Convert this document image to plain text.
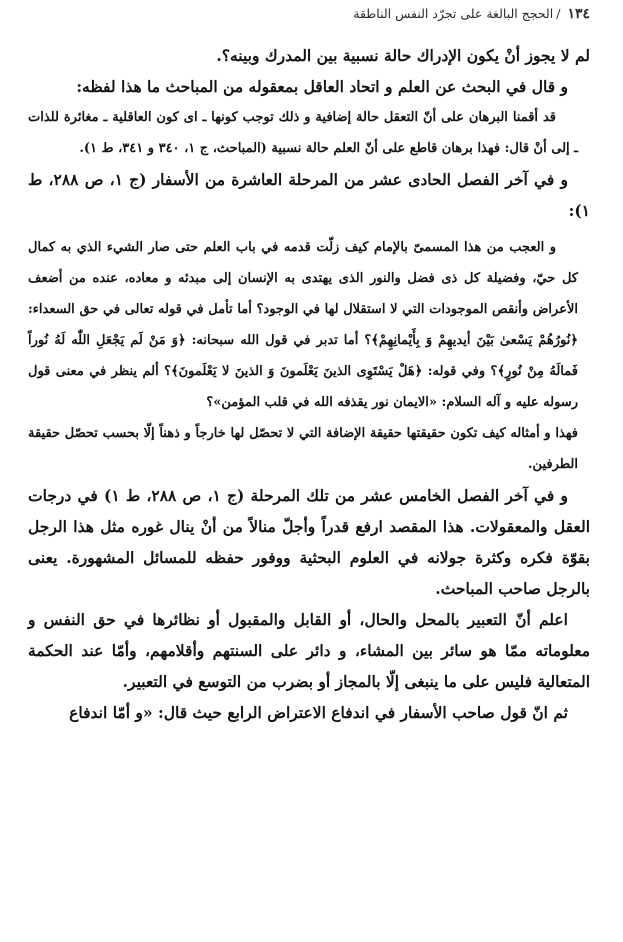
١٣٤
/
الحجج البالغة على تجرّد النفس الناطقة

لم لا يجوز أنْ يكون الإدراك حالة نسبية بين المدرك وبينه؟.

و قال في البحث عن العلم و اتحاد العاقل بمعقوله من المباحث ما هذا لفظه:

قد أقمنا البرهان على أنّ التعقل حالة إضافية و ذلك توجب كونها ـ اى كون العاقلية ـ مغائرة للذات ـ إلى أنْ قال: فهذا برهان قاطع على أنّ العلم حالة نسبية (المباحث، ج ١، ٣٤٠ و ٣٤١، ط ١).

و في آخر الفصل الحادى عشر من المرحلة العاشرة من الأسفار (ج ١، ص ٢٨٨، ط ١):

و العجب من هذا المسمىّ بالإمام كيف زلّت قدمه في باب العلم حتى صار الشيء الذي به كمال كل حيّ، وفضيلة كل ذى فضل والنور الذى يهتدى به الإنسان إلى مبدئه و معاده، عنده من أضعف الأعراض وأنقص الموجودات التي لا استقلال لها في الوجود؟ أما تأمل في قوله تعالى في حق السعداء: ﴿نُورُهُمْ يَسْعىٰ بَيْنَ أيديهِمْ وَ بِأَيْمانِهِمْ﴾؟ أما تدبر في قول الله سبحانه: ﴿وَ مَنْ لَم يَجْعَلِ اللّٰه لَهُ نُوراً فَمالَهُ مِنْ نُورٍ﴾؟ وفي قوله: ﴿هَلْ يَسْتَوِى الذينَ يَعْلَمونَ وَ الذينَ لا يَعْلَمونَ﴾؟ ألم ينظر في معنى قول رسوله عليه و آله السلام: «الايمان نور يقذفه الله في قلب المؤمن»؟

فهذا و أمثاله كيف تكون حقيقتها حقيقة الإضافة التي لا تحصّل لها خارجاً و ذهناً إلّا بحسب تحصّل حقيقة الطرفين.

و في آخر الفصل الخامس عشر من تلك المرحلة (ج ١، ص ٢٨٨، ط ١) في درجات العقل والمعقولات. هذا المقصد ارفع قدراً وأجلّ منالاً من أنْ ينال غوره مثل هذا الرجل بقوّة فكره وكثرة جولانه في العلوم البحثية ووفور حفظه للمسائل المشهورة. يعنى بالرجل صاحب المباحث.

اعلم أنّ التعبير بالمحل والحال، أو القابل والمقبول أو نظائرها في حق النفس و معلوماته ممّا هو سائر بين المشاء، و دائر على السنتهم وأقلامهم، وأمّا عند الحكمة المتعالية فليس على ما ينبغى إلّا بالمجاز أو بضرب من التوسع في التعبير.

ثم انّ قول صاحب الأسفار في اندفاع الاعتراض الرابع حيث قال: «و أمّا اندفاع
